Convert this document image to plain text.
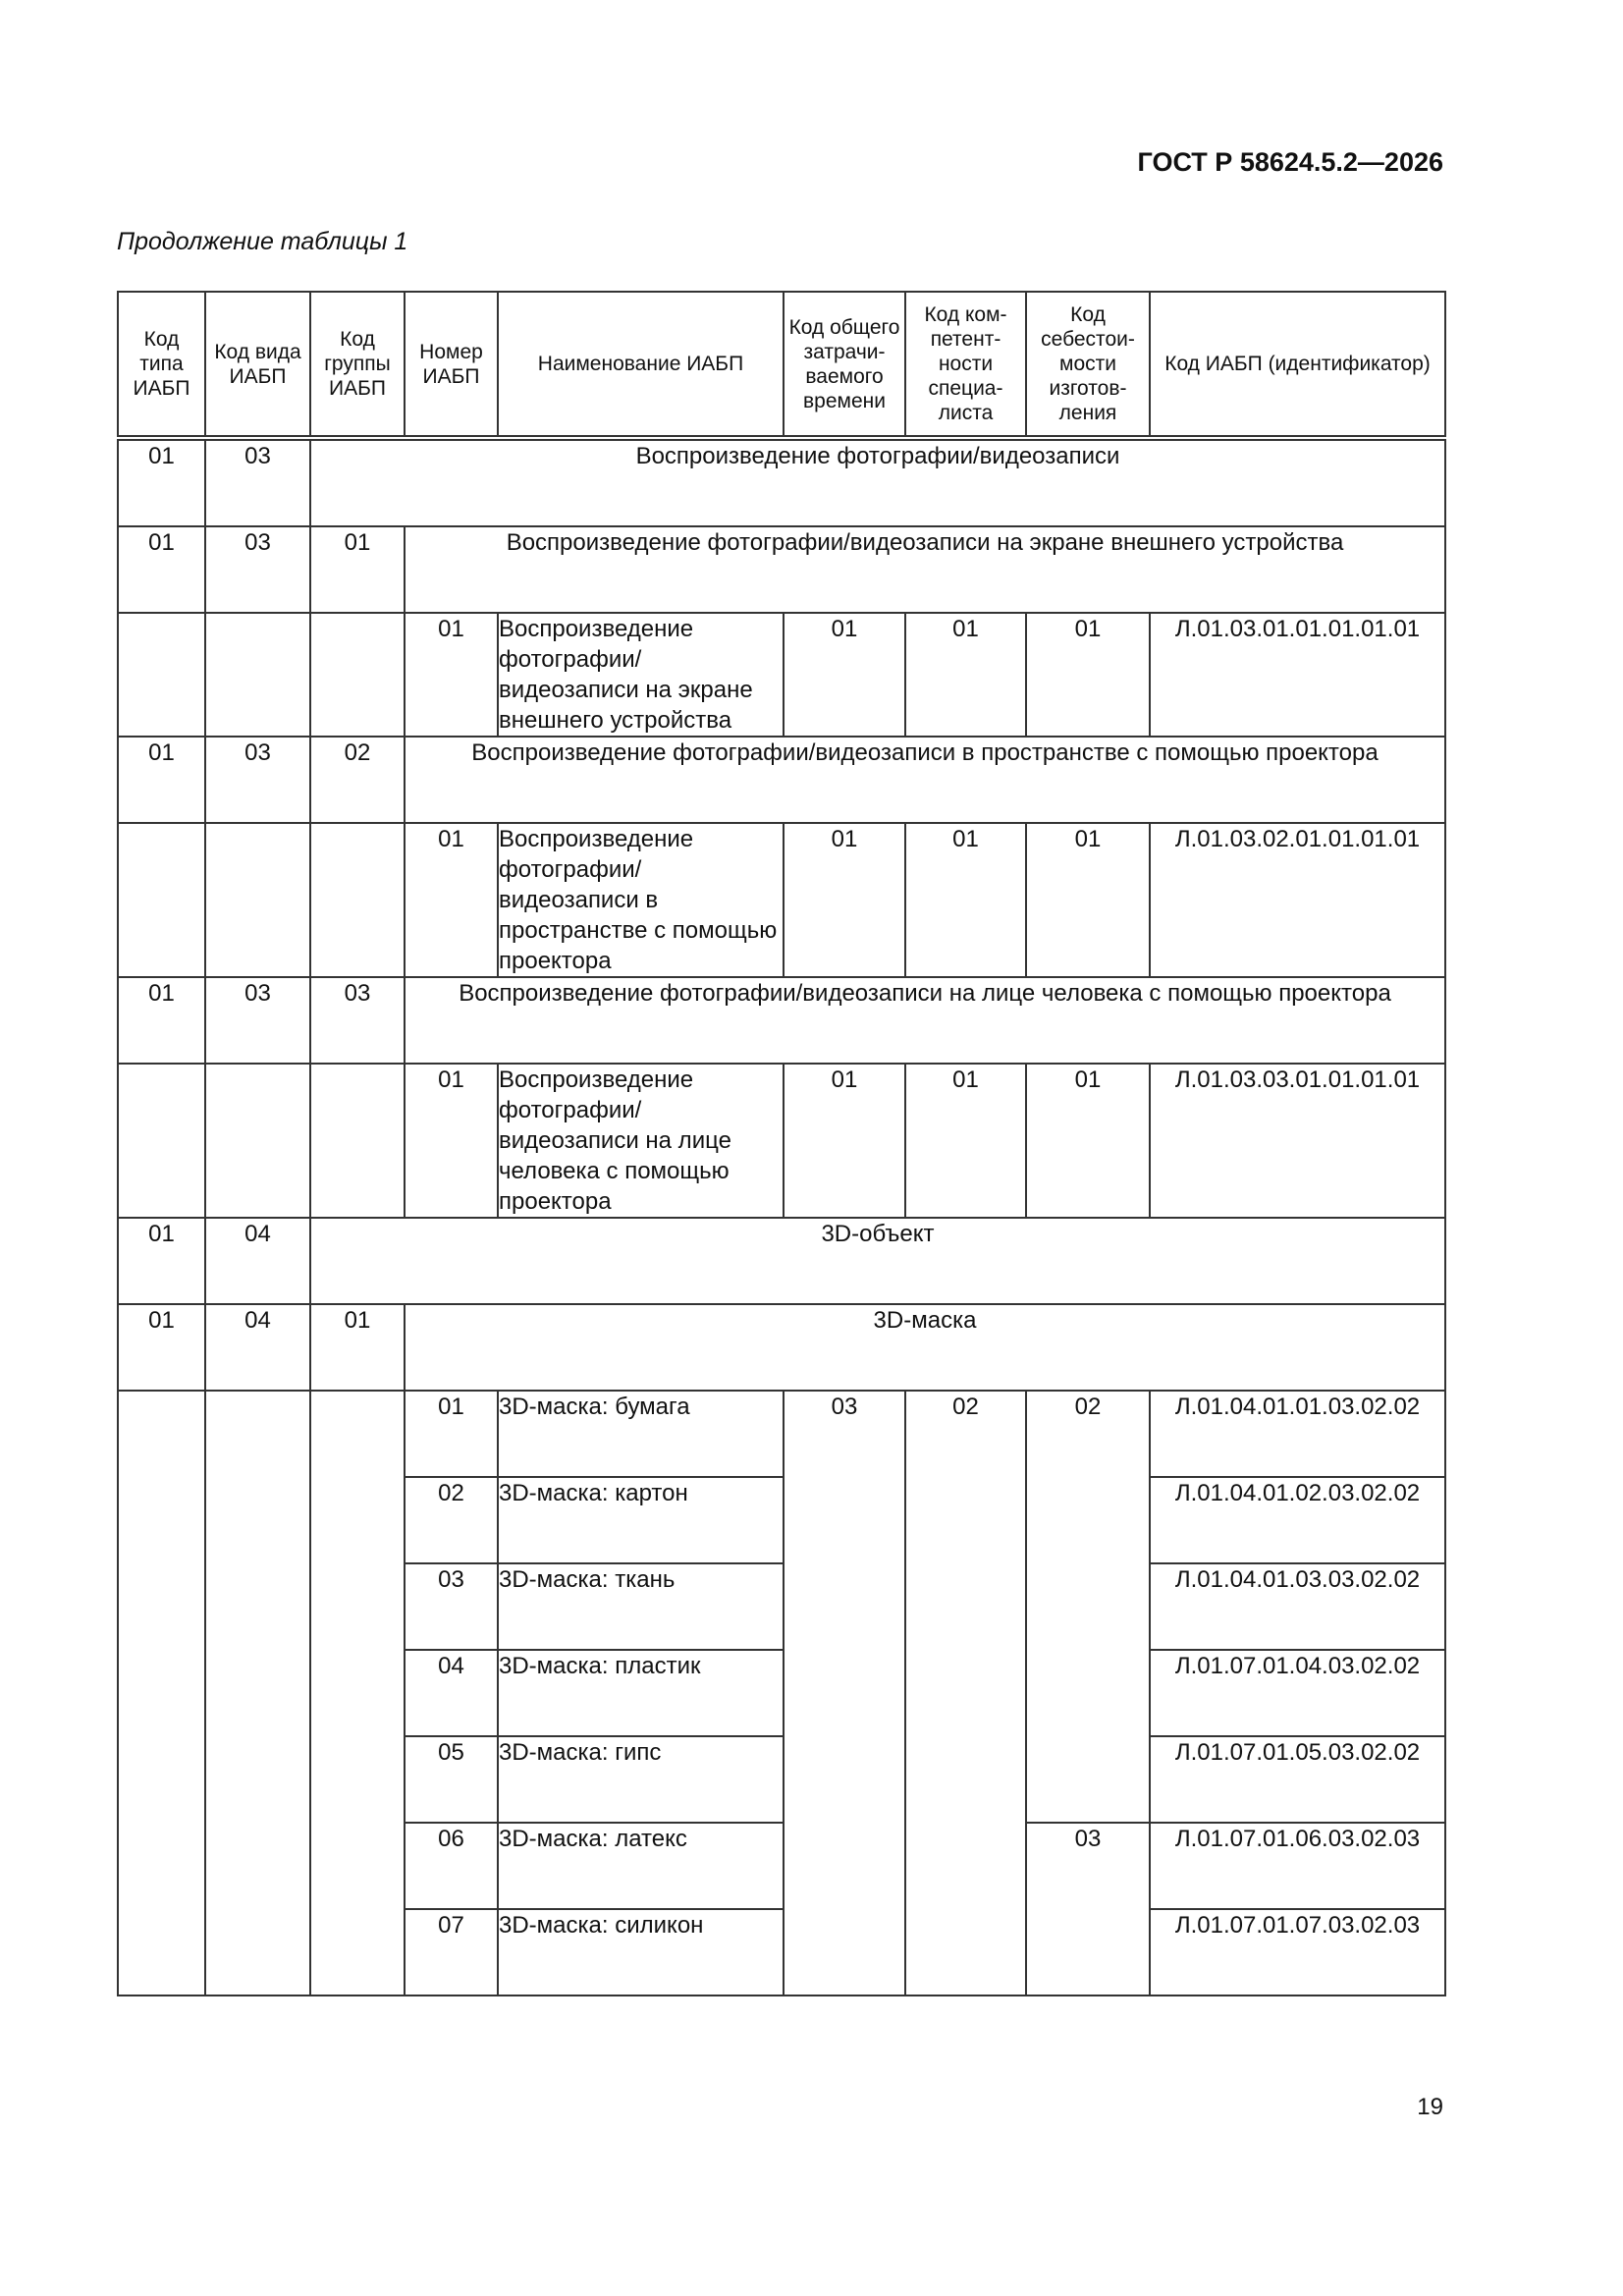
ГОСТ Р 58624.5.2—2026
Продолжение таблицы 1
Код типа ИАБП	Код вида ИАБП	Код группы ИАБП	Номер ИАБП	Наименование ИАБП	Код общего затрачи-ваемого времени	Код ком-петент-ности специа-листа	Код себестои-мости изготов-ления	Код ИАБП (идентификатор)
01	03	Воспроизведение фотографии/видеозаписи						
01	03	01	Воспроизведение фотографии/видеозаписи на экране внешнего устройства					
			01	Воспроизведение фотографии/ видеозаписи на экране внешнего устройства	01	01	01	Л.01.03.01.01.01.01.01
01	03	02	Воспроизведение фотографии/видеозаписи в пространстве с помощью проектора					
			01	Воспроизведение фотографии/ видеозаписи в пространстве с помощью проектора	01	01	01	Л.01.03.02.01.01.01.01
01	03	03	Воспроизведение фотографии/видеозаписи на лице человека с помощью проектора					
			01	Воспроизведение фотографии/ видеозаписи на лице человека с помощью проектора	01	01	01	Л.01.03.03.01.01.01.01
01	04	3D-объект						
01	04	01	3D-маска					
			01	3D-маска: бумага	03	02	02	Л.01.04.01.01.03.02.02
			02	3D-маска: картон				Л.01.04.01.02.03.02.02
			03	3D-маска: ткань				Л.01.04.01.03.03.02.02
			04	3D-маска: пластик				Л.01.07.01.04.03.02.02
			05	3D-маска: гипс				Л.01.07.01.05.03.02.02
			06	3D-маска: латекс			03	Л.01.07.01.06.03.02.03
			07	3D-маска: силикон				Л.01.07.01.07.03.02.03
19
